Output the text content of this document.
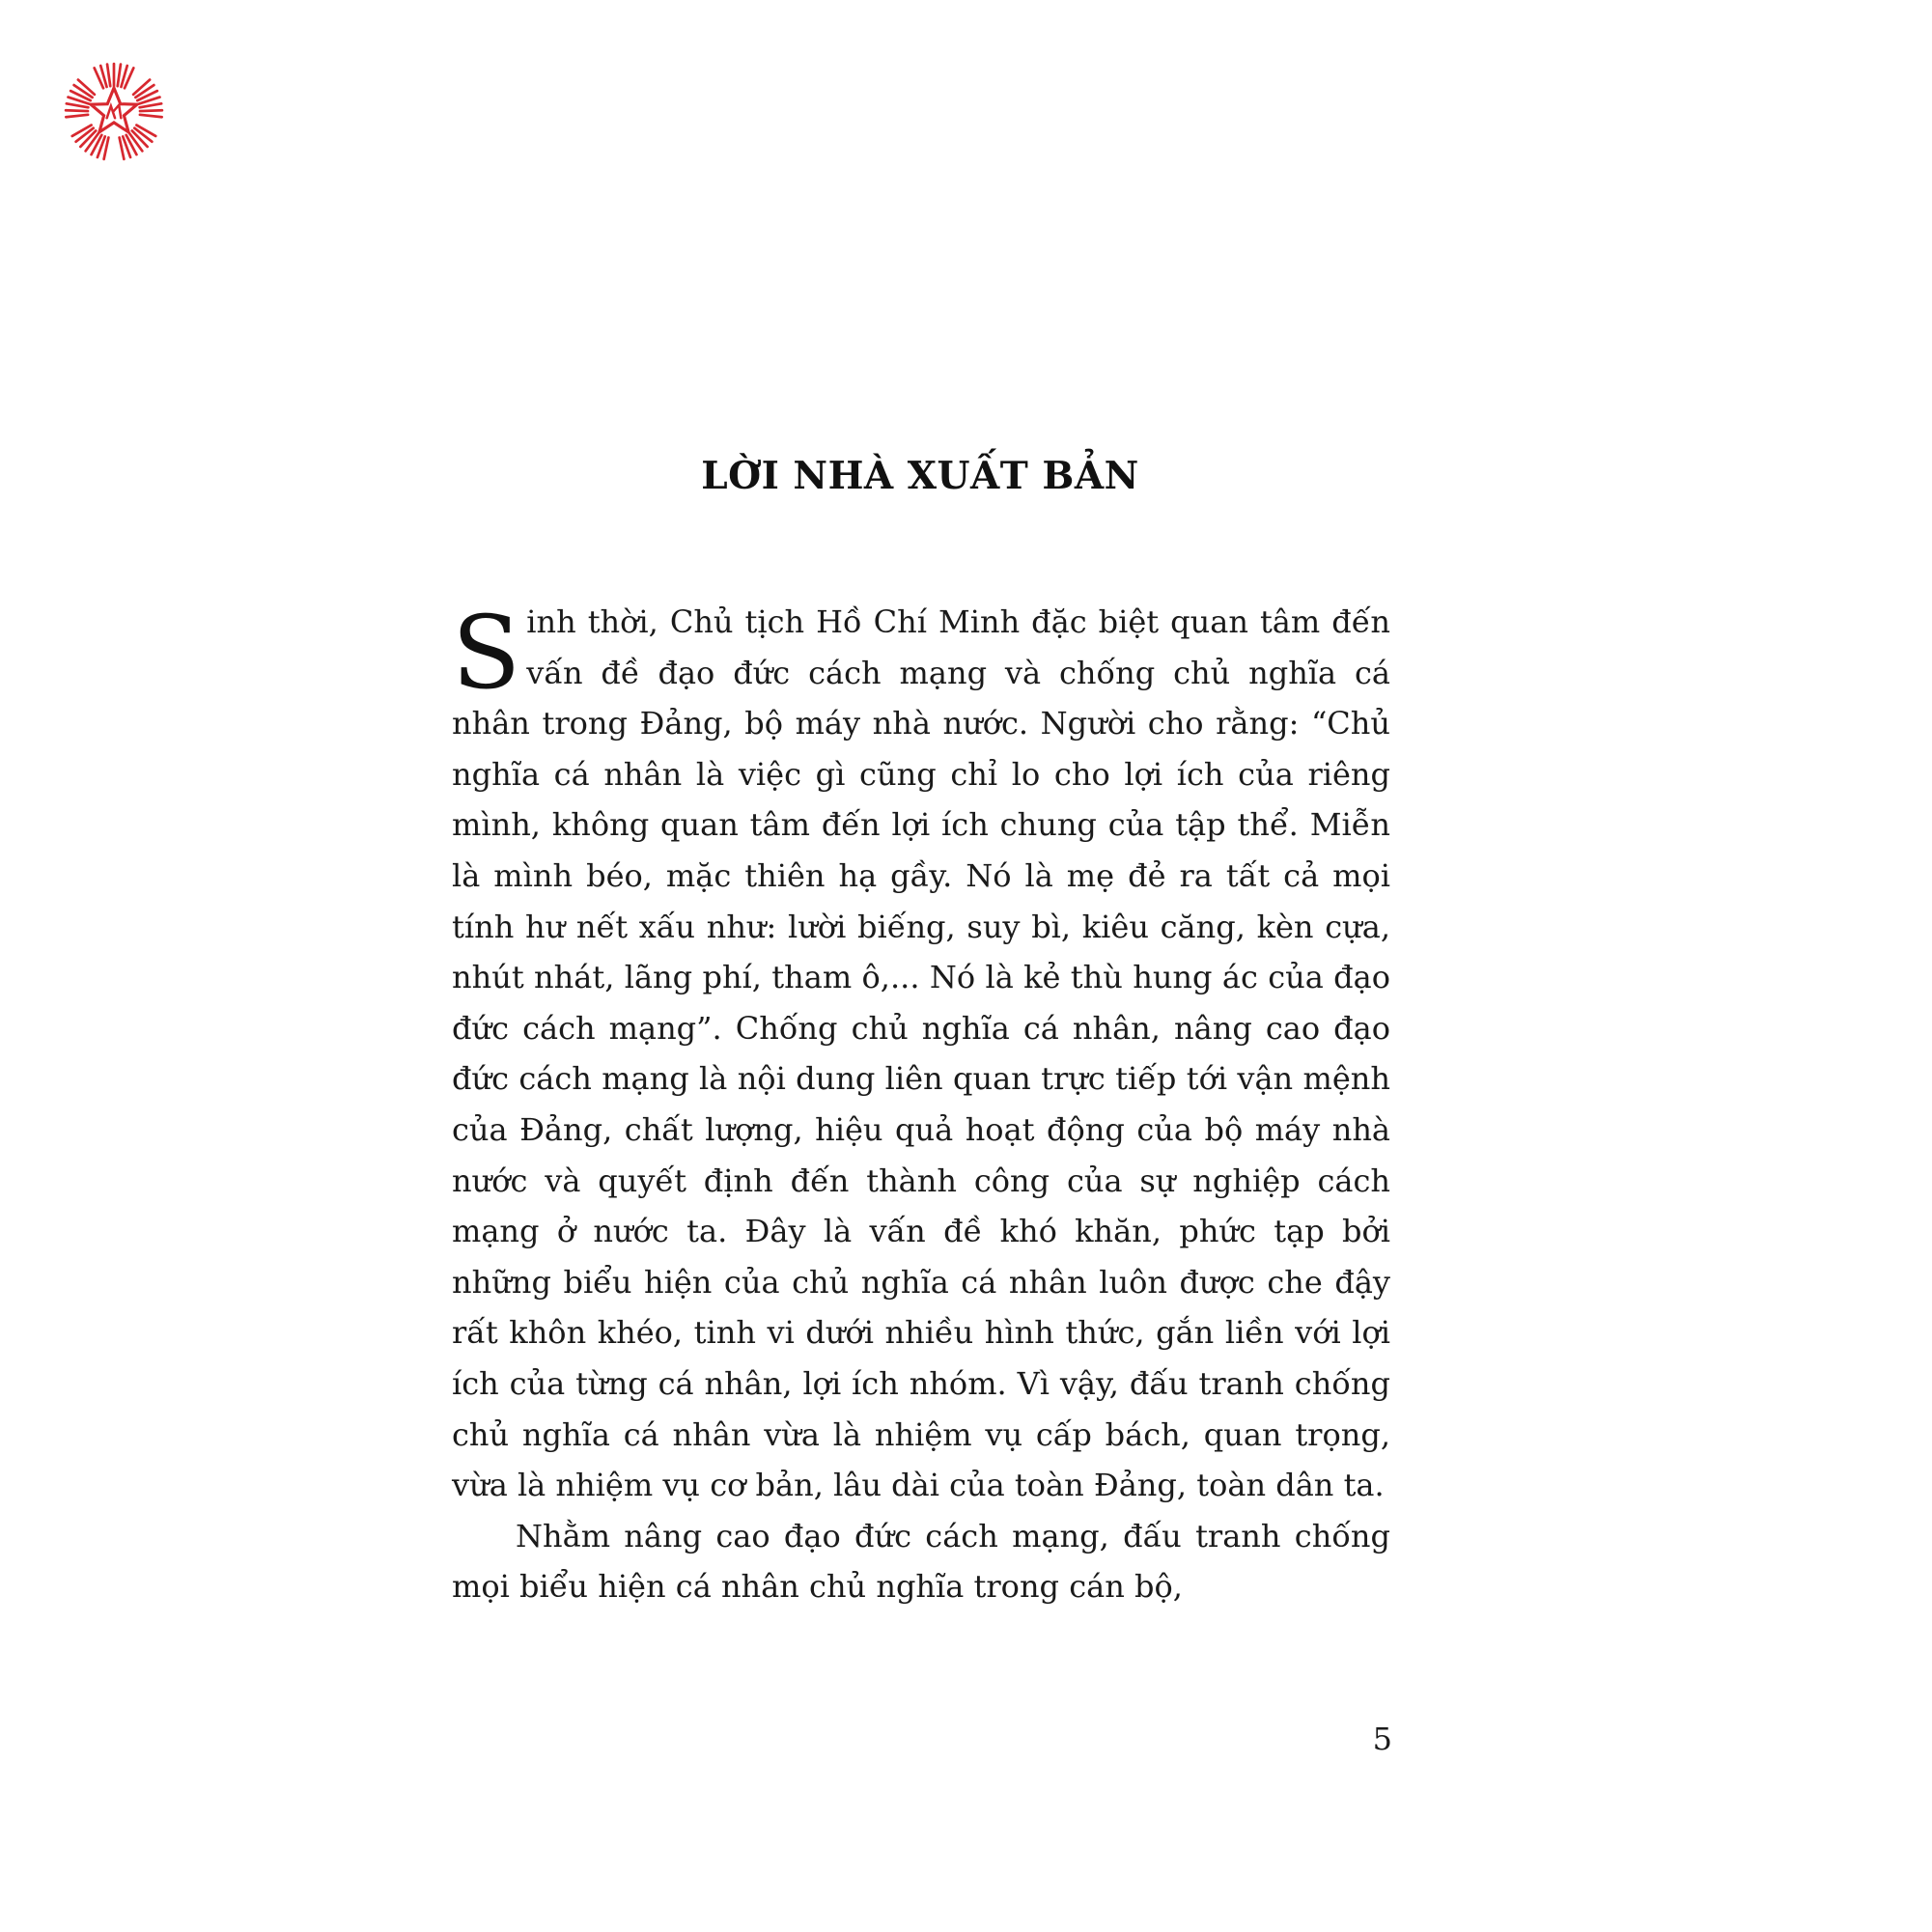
LỜI NHÀ XUẤT BẢN

Sinh thời, Chủ tịch Hồ Chí Minh đặc biệt quan tâm đến vấn đề đạo đức cách mạng và chống chủ nghĩa cá nhân trong Đảng, bộ máy nhà nước. Người cho rằng: “Chủ nghĩa cá nhân là việc gì cũng chỉ lo cho lợi ích của riêng mình, không quan tâm đến lợi ích chung của tập thể. Miễn là mình béo, mặc thiên hạ gầy. Nó là mẹ đẻ ra tất cả mọi tính hư nết xấu như: lười biếng, suy bì, kiêu căng, kèn cựa, nhút nhát, lãng phí, tham ô,... Nó là kẻ thù hung ác của đạo đức cách mạng”. Chống chủ nghĩa cá nhân, nâng cao đạo đức cách mạng là nội dung liên quan trực tiếp tới vận mệnh của Đảng, chất lượng, hiệu quả hoạt động của bộ máy nhà nước và quyết định đến thành công của sự nghiệp cách mạng ở nước ta. Đây là vấn đề khó khăn, phức tạp bởi những biểu hiện của chủ nghĩa cá nhân luôn được che đậy rất khôn khéo, tinh vi dưới nhiều hình thức, gắn liền với lợi ích của từng cá nhân, lợi ích nhóm. Vì vậy, đấu tranh chống chủ nghĩa cá nhân vừa là nhiệm vụ cấp bách, quan trọng, vừa là nhiệm vụ cơ bản, lâu dài của toàn Đảng, toàn dân ta.

Nhằm nâng cao đạo đức cách mạng, đấu tranh chống mọi biểu hiện cá nhân chủ nghĩa trong cán bộ,

5
